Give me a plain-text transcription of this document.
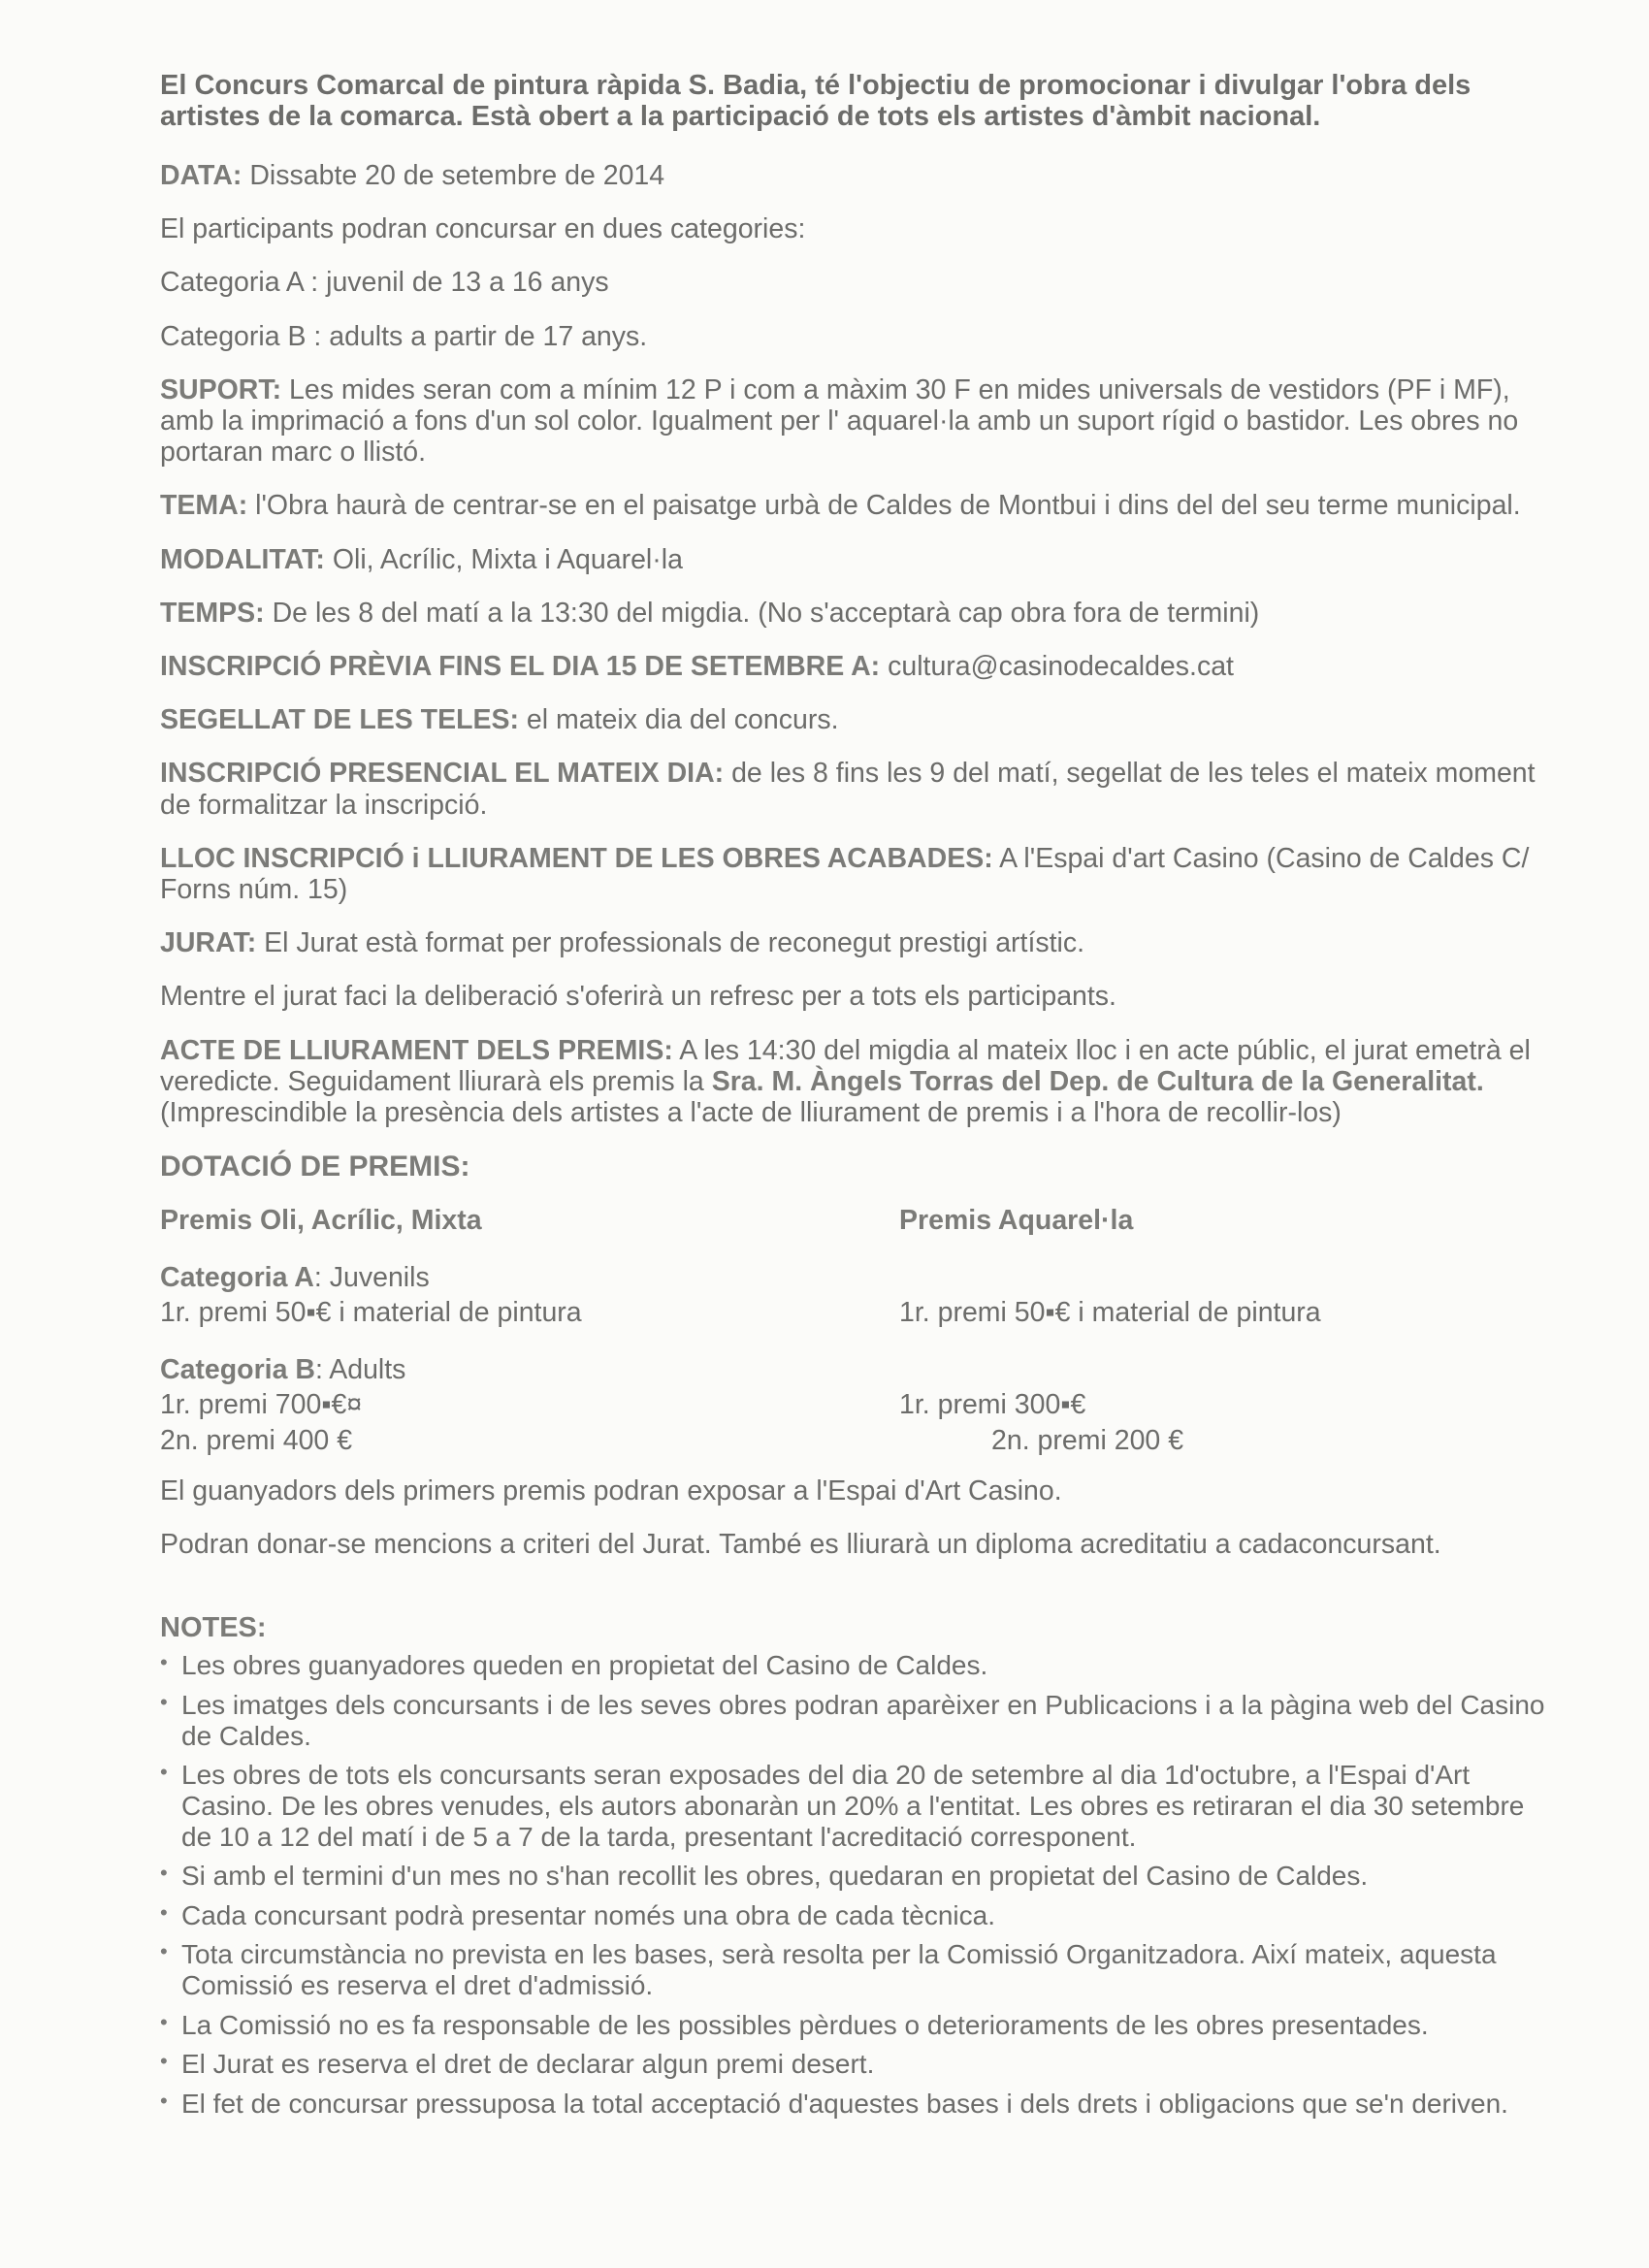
El Concurs Comarcal de pintura ràpida S. Badia, té l'objectiu de promocionar i divulgar l'obra dels artistes de la comarca. Està obert a la participació de tots els artistes d'àmbit nacional.

DATA: Dissabte 20 de setembre de 2014

El participants podran concursar en dues categories:

Categoria A : juvenil de 13 a 16 anys

Categoria B : adults a partir de 17 anys.

SUPORT: Les mides seran com a mínim 12 P i com a màxim 30 F en mides universals de vestidors (PF i MF), amb la imprimació a fons d'un sol color. Igualment per l' aquarel·la amb un suport rígid o bastidor. Les obres no portaran marc o llistó.

TEMA: l'Obra haurà de centrar-se en el paisatge urbà de Caldes de Montbui i dins del del seu terme municipal.

MODALITAT: Oli, Acrílic, Mixta i Aquarel·la

TEMPS: De les 8 del matí a la 13:30 del migdia. (No s'acceptarà cap obra fora de termini)

INSCRIPCIÓ PRÈVIA FINS EL DIA 15 DE SETEMBRE A: cultura@casinodecaldes.cat

SEGELLAT DE LES TELES: el mateix dia del concurs.

INSCRIPCIÓ PRESENCIAL EL MATEIX DIA: de les 8 fins les 9 del matí, segellat de les teles el mateix moment de formalitzar la inscripció.

LLOC INSCRIPCIÓ i LLIURAMENT DE LES OBRES ACABADES: A l'Espai d'art Casino (Casino de Caldes C/ Forns núm. 15)

JURAT: El Jurat està format per professionals de reconegut prestigi artístic.

Mentre el jurat faci la deliberació s'oferirà un refresc per a tots els participants.

ACTE DE LLIURAMENT DELS PREMIS: A les 14:30 del migdia al mateix lloc i en acte públic, el jurat emetrà el veredicte. Seguidament lliurarà els premis la Sra. M. Àngels Torras del Dep. de Cultura de la Generalitat. (Imprescindible la presència dels artistes a l'acte de lliurament de premis i a l'hora de recollir-los)

DOTACIÓ DE PREMIS:

Premis Oli, Acrílic, Mixta
Categoria A: Juvenils
1r. premi 50▪€ i material de pintura
Categoria B: Adults
1r. premi 700▪€¤
2n. premi 400 €
Premis Aquarel·la

1r. premi 50▪€ i material de pintura

1r. premi 300▪€
2n. premi 200 €

El guanyadors dels primers premis podran exposar a l'Espai d'Art Casino.

Podran donar-se mencions a criteri del Jurat. També es lliurarà un diploma acreditatiu a cadaconcursant.

NOTES:

• Les obres guanyadores queden en propietat del Casino de Caldes.
• Les imatges dels concursants i de les seves obres podran aparèixer en Publicacions i a la pàgina web del Casino de Caldes.
• Les obres de tots els concursants seran exposades del dia 20 de setembre al dia 1d'octubre, a l'Espai d'Art Casino. De les obres venudes, els autors abonaràn un 20% a l'entitat. Les obres es retiraran el dia 30 setembre de 10 a 12 del matí i de 5 a 7 de la tarda, presentant l'acreditació corresponent.
• Si amb el termini d'un mes no s'han recollit les obres, quedaran en propietat del Casino de Caldes.
• Cada concursant podrà presentar només una obra de cada tècnica.
• Tota circumstància no prevista en les bases, serà resolta per la Comissió Organitzadora. Així mateix, aquesta Comissió es reserva el dret d'admissió.
• La Comissió no es fa responsable de les possibles pèrdues o deterioraments de les obres presentades.
• El Jurat es reserva el dret de declarar algun premi desert.
• El fet de concursar pressuposa la total acceptació d'aquestes bases i dels drets i obligacions que se'n deriven.
